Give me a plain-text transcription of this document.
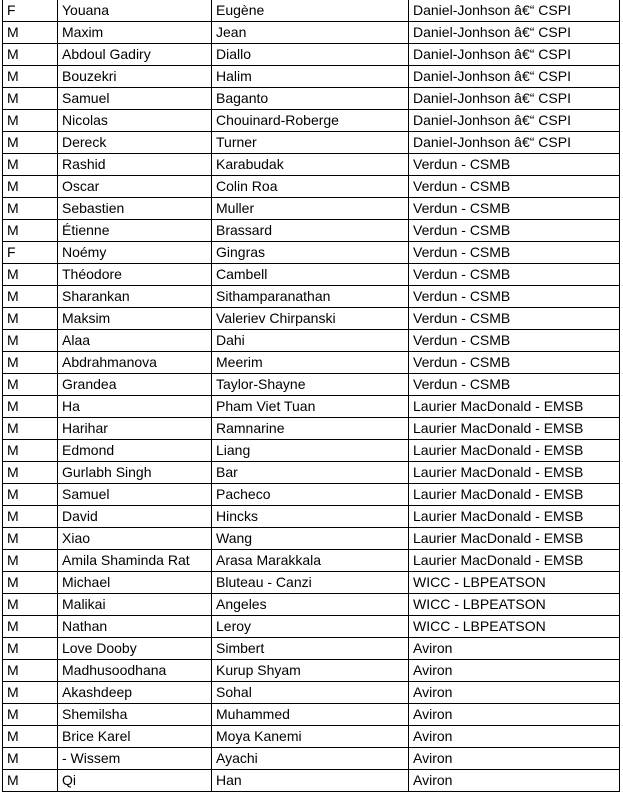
F	Youana	Eugène	Daniel-Jonhson â€“ CSPI
M	Maxim	Jean	Daniel-Jonhson â€“ CSPI
M	Abdoul Gadiry	Diallo	Daniel-Jonhson â€“ CSPI
M	Bouzekri	Halim	Daniel-Jonhson â€“ CSPI
M	Samuel	Baganto	Daniel-Jonhson â€“ CSPI
M	Nicolas	Chouinard-Roberge	Daniel-Jonhson â€“ CSPI
M	Dereck	Turner	Daniel-Jonhson â€“ CSPI
M	Rashid	Karabudak	Verdun - CSMB
M	Oscar	Colin Roa	Verdun - CSMB
M	Sebastien	Muller	Verdun - CSMB
M	Étienne	Brassard	Verdun - CSMB
F	Noémy	Gingras	Verdun - CSMB
M	Théodore	Cambell	Verdun - CSMB
M	Sharankan	Sithamparanathan	Verdun - CSMB
M	Maksim	Valeriev Chirpanski	Verdun - CSMB
M	Alaa	Dahi	Verdun - CSMB
M	Abdrahmanova	Meerim	Verdun - CSMB
M	Grandea	Taylor-Shayne	Verdun - CSMB
M	Ha	Pham Viet Tuan	Laurier MacDonald - EMSB
M	Harihar	Ramnarine	Laurier MacDonald - EMSB
M	Edmond	Liang	Laurier MacDonald - EMSB
M	Gurlabh Singh	Bar	Laurier MacDonald - EMSB
M	Samuel	Pacheco	Laurier MacDonald - EMSB
M	David	Hincks	Laurier MacDonald - EMSB
M	Xiao	Wang	Laurier MacDonald - EMSB
M	Amila Shaminda Rat	Arasa Marakkala	Laurier MacDonald - EMSB
M	Michael	Bluteau - Canzi	WICC - LBPEATSON
M	Malikai	Angeles	WICC - LBPEATSON
M	Nathan	Leroy	WICC - LBPEATSON
M	Love Dooby	Simbert	Aviron
M	Madhusoodhana	Kurup Shyam	Aviron
M	Akashdeep	Sohal	Aviron
M	Shemilsha	Muhammed	Aviron
M	Brice Karel	Moya Kanemi	Aviron
M	- Wissem	Ayachi	Aviron
M	Qi	Han	Aviron
